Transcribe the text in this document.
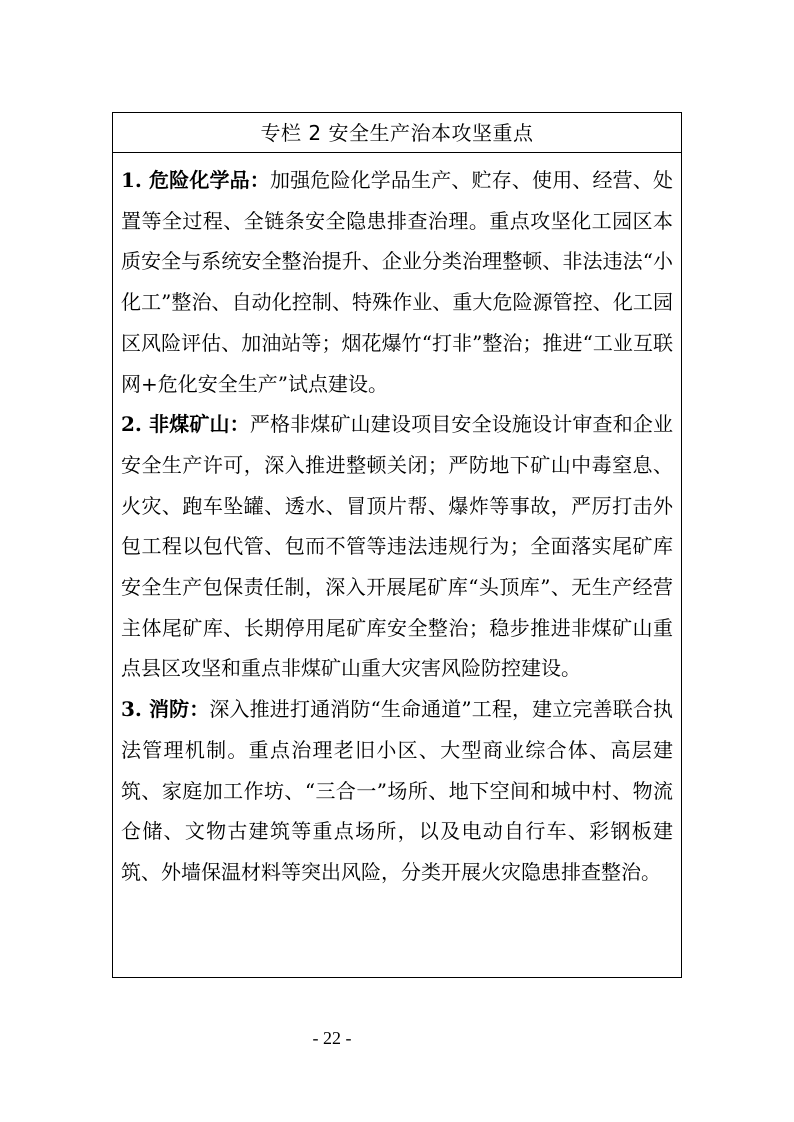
专栏 2 安全生产治本攻坚重点

1. 危险化学品：加强危险化学品生产、贮存、使用、经营、处置等全过程、全链条安全隐患排查治理。重点攻坚化工园区本质安全与系统安全整治提升、企业分类治理整顿、非法违法“小化工”整治、自动化控制、特殊作业、重大危险源管控、化工园区风险评估、加油站等；烟花爆竹“打非”整治；推进“工业互联网+危化安全生产”试点建设。

2. 非煤矿山：严格非煤矿山建设项目安全设施设计审查和企业安全生产许可，深入推进整顿关闭；严防地下矿山中毒窒息、火灾、跑车坠罐、透水、冒顶片帮、爆炸等事故，严厉打击外包工程以包代管、包而不管等违法违规行为；全面落实尾矿库安全生产包保责任制，深入开展尾矿库“头顶库”、无生产经营主体尾矿库、长期停用尾矿库安全整治；稳步推进非煤矿山重点县区攻坚和重点非煤矿山重大灾害风险防控建设。

3. 消防：深入推进打通消防“生命通道”工程，建立完善联合执法管理机制。重点治理老旧小区、大型商业综合体、高层建筑、家庭加工作坊、“三合一”场所、地下空间和城中村、物流仓储、文物古建筑等重点场所，以及电动自行车、彩钢板建筑、外墙保温材料等突出风险，分类开展火灾隐患排查整治。

- 22 -
